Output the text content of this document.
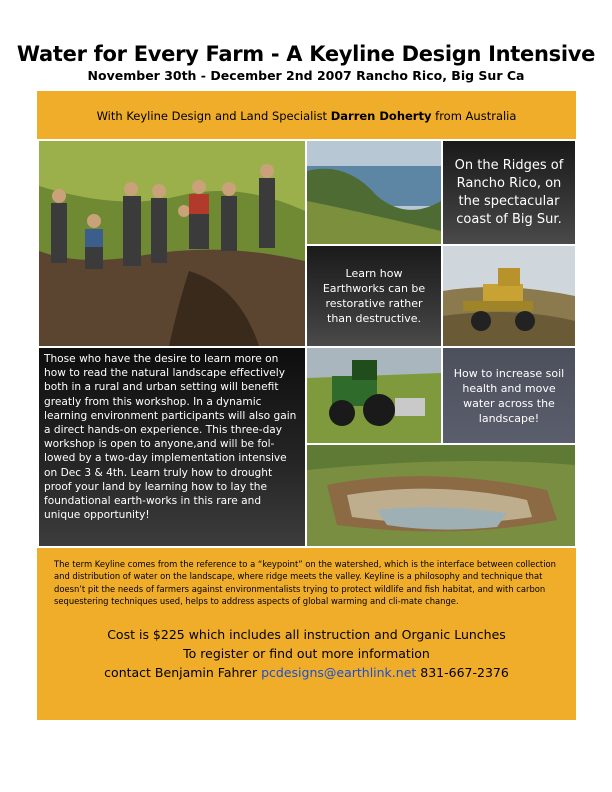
Water for Every Farm - A Keyline Design Intensive
November 30th - December 2nd 2007 Rancho Rico, Big Sur Ca
With Keyline Design and Land Specialist Darren Doherty from Australia
On the Ridges of Rancho Rico, on the spectacular coast of Big Sur.
Learn how Earthworks can be restorative rather than destructive.
Those who have the desire to learn more on how to read the natural landscape effectively both in a rural and urban setting will benefit greatly from this workshop. In a dynamic learning environment participants will also gain a direct hands-on experience. This three-day workshop is open to anyone,and will be fol-lowed by a two-day implementation intensive on Dec 3 & 4th. Learn truly how to drought proof your land by learning how to lay the foundational earth-works in this rare and unique opportunity!
How to increase soil health and move water across the landscape!
The term Keyline comes from the reference to a “keypoint” on the watershed, which is the interface between collection and distribution of water on the landscape, where ridge meets the valley. Keyline is a philosophy and technique that doesn’t pit the needs of farmers against environmentalists trying to protect wildlife and fish habitat, and with carbon sequestering techniques used, helps to address aspects of global warming and cli-mate change.
Cost is $225 which includes all instruction and Organic Lunches
To register or find out more information
contact Benjamin Fahrer pcdesigns@earthlink.net 831-667-2376
